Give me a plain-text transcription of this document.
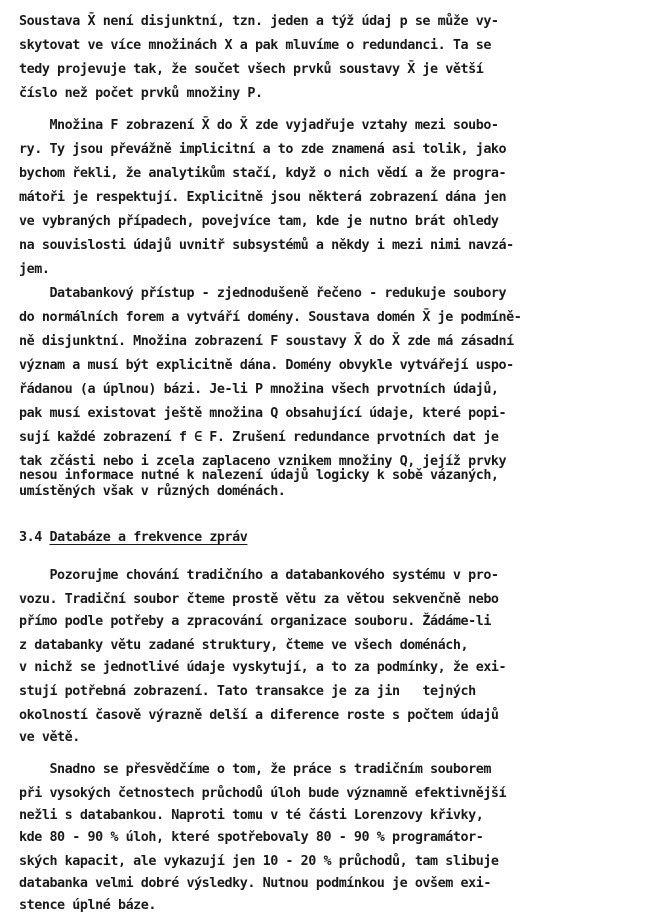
Soustava X̄ není disjunktní, tzn. jeden a týž údaj p se může vy-
skytovat ve více množinách X a pak mluvíme o redundanci. Ta se
tedy projevuje tak, že součet všech prvků soustavy X̄ je větší
číslo než počet prvků množiny P.
Množina F zobrazení X̄ do X̄ zde vyjadřuje vztahy mezi soubo-
ry. Ty jsou převážně implicitní a to zde znamená asi tolik, jako
bychom řekli, že analytikům stačí, když o nich vědí a že progra-
mátoři je respektují. Explicitně jsou některá zobrazení dána jen
ve vybraných případech, povejvíce tam, kde je nutno brát ohledy
na souvislosti údajů uvnitř subsystémů a někdy i mezi nimi navzá-
jem.
Databankový přístup - zjednodušeně řečeno - redukuje soubory
do normálních forem a vytváří domény. Soustava domén X̄ je podmíně-
ně disjunktní. Množina zobrazení F soustavy X̄ do X̄ zde má zásadní
význam a musí být explicitně dána. Domény obvykle vytvářejí uspo-
řádanou (a úplnou) bázi. Je-li P množina všech prvotních údajů,
pak musí existovat ještě množina Q obsahující údaje, které popi-
sují každé zobrazení f ∈ F. Zrušení redundance prvotních dat je
tak zčásti nebo i zcela zaplaceno vznikem množiny Q, jejíž prvky
nesou informace nutné k nalezení údajů logicky k sobě vázaných,
umístěných však v různých doménách.
3.4 Databáze a frekvence zpráv
Pozorujme chování tradičního a databankového systému v pro-
vozu. Tradiční soubor čteme prostě větu za větou sekvenčně nebo
přímo podle potřeby a zpracování organizace souboru. Žádáme-li
z databanky větu zadané struktury, čteme ve všech doménách,
v nichž se jednotlivé údaje vyskytují, a to za podmínky, že exi-
stují potřebná zobrazení. Tato transakce je za jin   tejných
okolností časově výrazně delší a diference roste s počtem údajů
ve větě.
Snadno se přesvědčíme o tom, že práce s tradičním souborem
při vysokých četnostech průchodů úloh bude významně efektivnější
nežli s databankou. Naproti tomu v té části Lorenzovy křivky,
kde 80 - 90 % úloh, které spotřebovaly 80 - 90 % programátor-
ských kapacit, ale vykazují jen 10 - 20 % průchodů, tam slibuje
databanka velmi dobré výsledky. Nutnou podmínkou je ovšem exi-
stence úplné báze.
